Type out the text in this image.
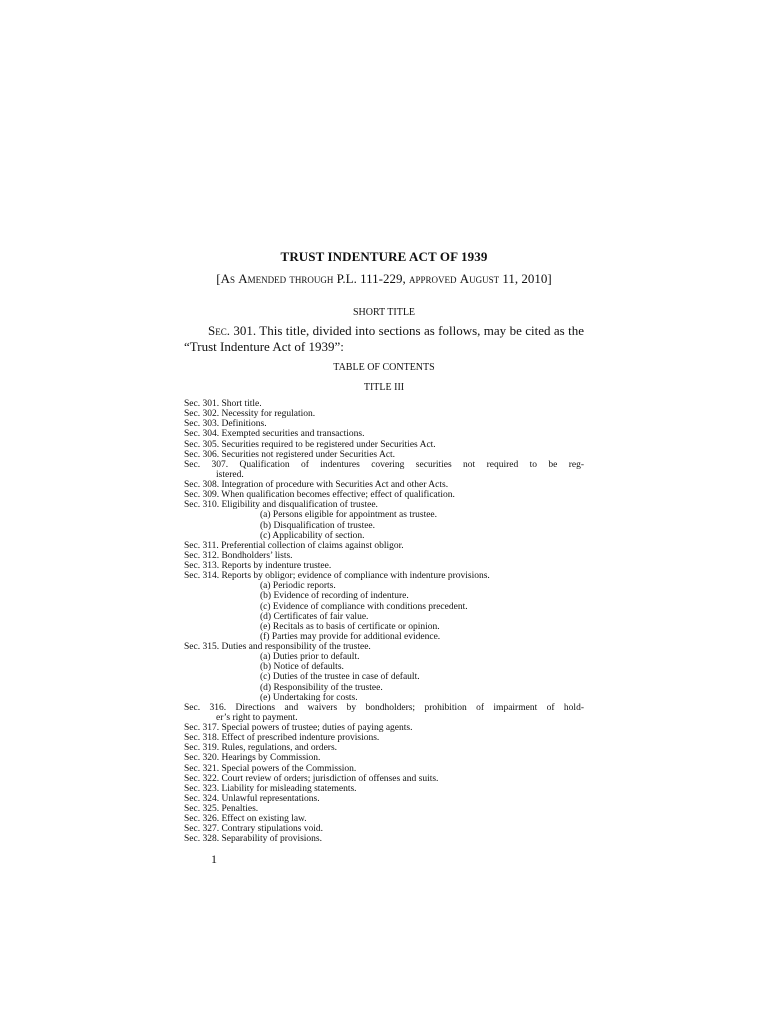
TRUST INDENTURE ACT OF 1939
[As Amended through P.L. 111-229, approved August 11, 2010]
SHORT TITLE
Sec. 301. This title, divided into sections as follows, may be cited as the “Trust Indenture Act of 1939”:
TABLE OF CONTENTS
TITLE III
Sec. 301. Short title.
Sec. 302. Necessity for regulation.
Sec. 303. Definitions.
Sec. 304. Exempted securities and transactions.
Sec. 305. Securities required to be registered under Securities Act.
Sec. 306. Securities not registered under Securities Act.
Sec. 307. Qualification of indentures covering securities not required to be reg-
istered.
Sec. 308. Integration of procedure with Securities Act and other Acts.
Sec. 309. When qualification becomes effective; effect of qualification.
Sec. 310. Eligibility and disqualification of trustee.
(a) Persons eligible for appointment as trustee.
(b) Disqualification of trustee.
(c) Applicability of section.
Sec. 311. Preferential collection of claims against obligor.
Sec. 312. Bondholders’ lists.
Sec. 313. Reports by indenture trustee.
Sec. 314. Reports by obligor; evidence of compliance with indenture provisions.
(a) Periodic reports.
(b) Evidence of recording of indenture.
(c) Evidence of compliance with conditions precedent.
(d) Certificates of fair value.
(e) Recitals as to basis of certificate or opinion.
(f) Parties may provide for additional evidence.
Sec. 315. Duties and responsibility of the trustee.
(a) Duties prior to default.
(b) Notice of defaults.
(c) Duties of the trustee in case of default.
(d) Responsibility of the trustee.
(e) Undertaking for costs.
Sec. 316. Directions and waivers by bondholders; prohibition of impairment of hold-
er’s right to payment.
Sec. 317. Special powers of trustee; duties of paying agents.
Sec. 318. Effect of prescribed indenture provisions.
Sec. 319. Rules, regulations, and orders.
Sec. 320. Hearings by Commission.
Sec. 321. Special powers of the Commission.
Sec. 322. Court review of orders; jurisdiction of offenses and suits.
Sec. 323. Liability for misleading statements.
Sec. 324. Unlawful representations.
Sec. 325. Penalties.
Sec. 326. Effect on existing law.
Sec. 327. Contrary stipulations void.
Sec. 328. Separability of provisions.
1
